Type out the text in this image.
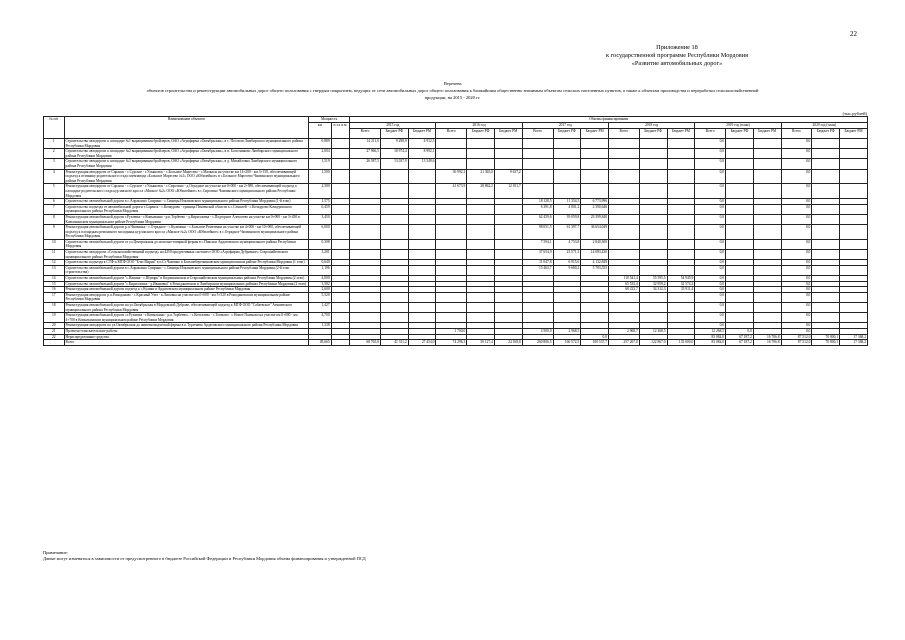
22
Приложение 18
к государственной программе Республики Мордовия
«Развитие автомобильных дорог»
Перечень
объектов строительства и реконструкции автомобильных дорог общего пользования с твердым покрытием, ведущих от сети автомобильных дорог общего пользования к ближайшим общественно значимым объектам сельских населенных пунктов, а также к объектам производства и переработки сельскохозяйственной
продукции, на 2015 - 2020 гг.
(тыс.рублей)
№ п/п	Наименование объектов	Мощность		Объемы финансирования																	
		км	п.т.х п.м.	2015 год			2016 год			2017 год			2018 год			2019 год (план)			2020 год (план)		
				Всего	Бюджет РФ	Бюджет РМ	Всего	Бюджет РФ	Бюджет РМ	Всего	Бюджет РФ	Бюджет РМ	Всего	Бюджет РФ	Бюджет РМ	Всего	Бюджет РФ	Бюджет РМ	Всего	Бюджет РФ	Бюджет РМ
1	Строительство автодороги к площадке №1 выращивания бройлеров, ОАО «Агрофирма «Октябрьская», в с. Посопов Лямбирского муниципального района Республики Мордовия	0,889		14 211,0	9 298,9	4 912,5										0,0			0,0		
2	Строительство автодороги к площадке №2 выращивания бройлеров, ОАО «Агрофирма «Октябрьская», в п. Болотниково Лямбирского муниципального района Республики Мордовия	2,004		27 966,5	18 974,4	8 992,1										0,0			0,0		
3	Строительство автодороги к площадке №3 выращивания бройлеров, ОАО «Агрофирма «Октябрьская», в д. Михайловка Лямбирского муниципального района Республики Мордовия	1,519		26 587,5	13 037,9	13 549,6										0,0			0,0		
4	Реконструкция автодороги от Саранск - с.Сурское - г.Ульяновск - с.Большое Маресево - с.Мачкасы на участке км 14+200 - км 3+150, обеспечивающей подъезд к птичнику родительского стада племзавода «Большое Маресево №1» ООО «Юбилейное» в с.Большое Маресево Чамзинского муниципального района Республики Мордовия	1,500					30 992,2	21 365,0	9 637,2							0,0			0,0		
5	Реконструкция автодороги от Саранск - с.Сурское - г.Ульяновск - с.Сиротино - д.Отрадное на участке км 0+000 - км 2+580, обеспечивающей подъезд к площадке родительского стада кур мясного кросса «Мясное №2» ООО «Юбилейное» в с.Сиротино Чамзинского муниципального района Республики Мордовия	2,580					41 673,9	28 862,2	12 811,7							0,0			0,0		
6	Строительство автомобильной дороги в с.Апраксино Спирино - с.Синицы Ичалковского муниципального района Республики Мордовия (1-й этап)	1,575								18 128,5	11 354,5	6 773,996				0,0			0,0		
7	Строительство подъезда от автомобильной дороги г.Саранск - с.Кочкурово - граница Пензенской области к с.Семилей - с.Кочкурово Кочкуровского муниципального района Республики Мордовия	0,459								6 391,8	4 001,2	2 390,646				0,0			0,0		
8	Реконструкция автомобильной дороги г.Рузаевка - г.Ковылкино - р.п.Торбеево - д.Кирилловка - с.Подгорное Алексеево на участке км 0+000 - км 3+450 в Ковылкинском муниципальном районе Республики Мордовия	3,450								62 459,6	39 059,8	23 399,840				0,0			0,0		
9	Реконструкция автомобильной дороги р.п.Чамзинка - с.Отрадное - с.Кульмино - с.Большое Ремезенки на участке км 4+000 - км 10+000, обеспечивающей подъезд к площадкам ремонтного молодняка кур мясного кросса «Мясное №2» ООО «Юбилейное» в с.Отрадное Чамзинского муниципального района Республики Мордовия	6,000								98 051,5	61 397,7	36 654,049				0,0			0,0		
10	Строительство автомобильной дороги от ул.Центральная до молочно-товарной фермы в с.Пиксяси Ардатовского муниципального района Республики Мордовия	0,308								7 594,1	4 753,8	2 840,300				0,0			0,0		
11	Строительство автодороги «Сельскохозяйственный подъезд» на 4250 продуктивных скотомест ООО «Агрофирма Дубравное» Старошайговского муниципального района Республики Мордовия	3,201								37 654,9	23 571,3	14 083,430				0,0			0,0		
12	Строительство подъезда к СТФ и МТФ ООО "Б-во Марня" в п.Ст.Чамзино в Большеберезниковском муниципальном районе Республики Мордовия (1 этап)	0,640								11 047,8	6 915,6	4 132,849				0,0			0,0		
13	Строительство автомобильной дороги в с.Апраксино Спирино - с.Синицы Ичалковского муниципального района Республики Мордовия (2-й этап строительства)	1,196								15 463,7	9 680,2	5 783,555				0,0			0,0		
14	Строительство автомобильной дороги "с.Напина - с.Шуварь" в Кадошкинском и Старошайговском муниципальных районах Республики Мордовия (2 этап)	4,000											110 541,4	55 595,5	54 945,9	0,0			0,0		
15	Строительство автомобильной дороги "с.Кирилловка - д.Ивановка" в Ромодановском и Лямбирском муниципальных районах Республики Мордовия (2 этап)	3,582											65 533,4	32 959,2	32 574,2	0,0			0,0		
16	Реконструкция автомобильной дороги подъезд к с.Кулики в Ардатовском муниципальном районе Республики Мордовия	2,600											68 223,7	34 312,3	33 911,4	0,0			0,0		
17	Реконструкция автодороги р.п.Ромоданово - с.Красный Узел - к.Липовка на участке км 0+000 - км 5+520 в Ромодановском муниципальном районе Республики Мордовия	5,520														0,0			0,0		
18	Реконструкция автомобильной дороги на ул.Октябрьская в Мордовской Дубраве, обеспечивающей подъезд к МТФ ООО "Сабаевское" Атяшевского муниципального района Республики Мордовия	1,427														0,0			0,0		
19	Реконструкция автомобильной дороги «г.Рузаевка - г.Ковылкино - р.п.Торбеево» - с.Кочелаево - с.Токмово - с.Новое Пшеново на участке км 0+000 - км 4+700 в Ковылкинском муниципальном районе Республики Мордовия	4,700														0,0			0,0		
20	Реконструкция автодороги по ул.Октябрьская до животноводческой фермы в п.Тургенево Ардатовского муниципального района Республики Мордовия	1,338														0,0			0,0		
21	Проектно-изыскательские работы						1 700,0			4 500,0	2 968,5		2 968,7	12 268,5		12 268,5	0,0		0,0		
22	Нераспределенные средства											0,0				83 084,0	67 187,2	16 706,8	87 512,0	70 800,1	17 368,2
	Всего	49,665		68 765,0	41 311,2	27 454,0	74 296,3	50 127,4	24 168,8	260 806,5	160 572,5	100 537,7	257 267,0	122 867,0	135 000,0	83 084,0	67 187,2	16 706,8	87 512,0	70 800,1	17 368,2
Примечание:
Даные могут изменяться в зависимости от предусмотренного в бюджете Российской Федерации и Республики Мордовия объема финансирования и утвержденной ПСД
